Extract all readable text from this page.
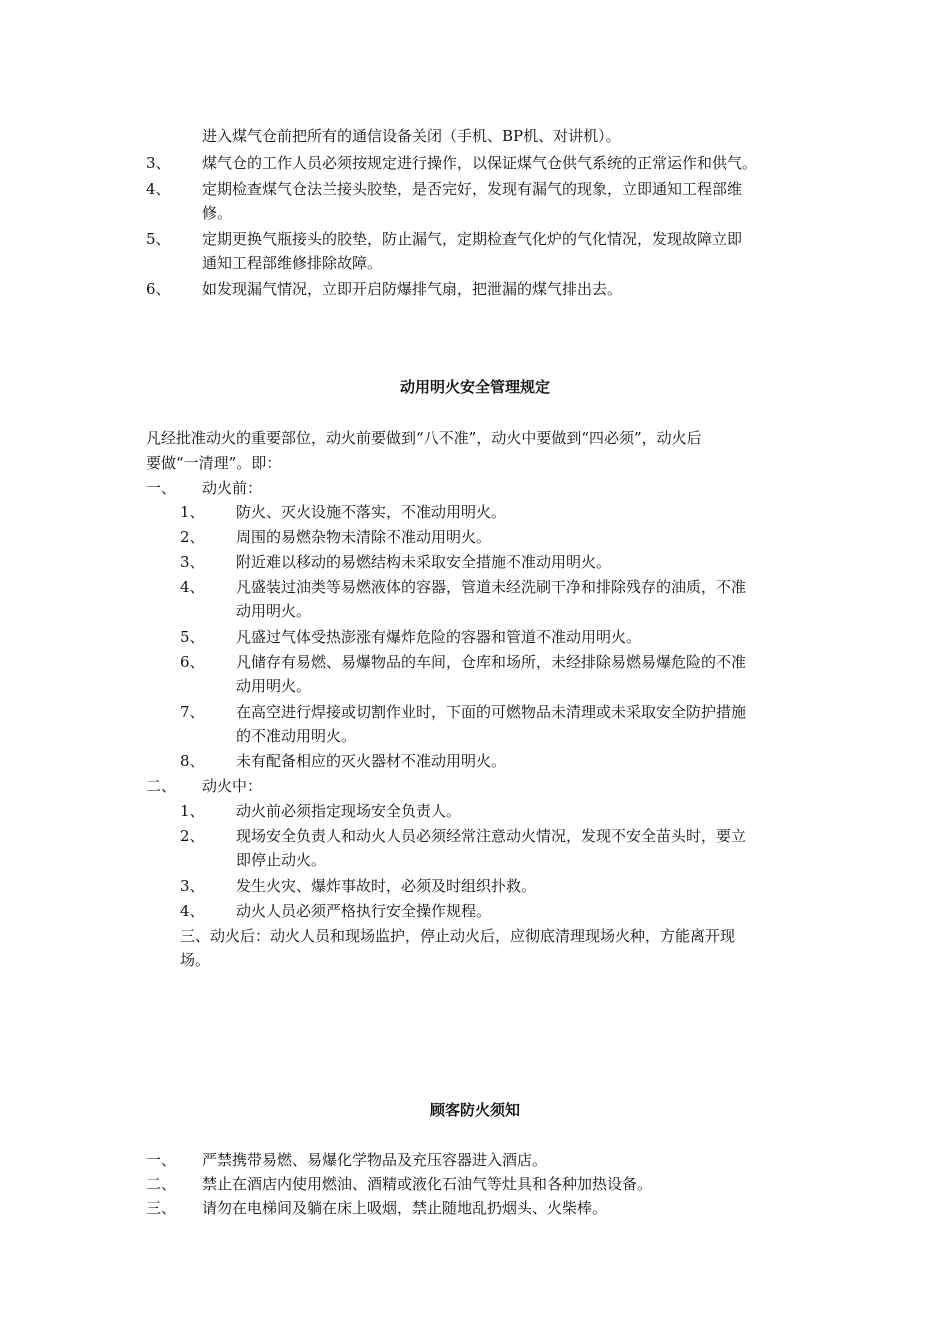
进入煤气仓前把所有的通信设备关闭（手机、BP机、对讲机）。
3、 煤气仓的工作人员必须按规定进行操作，以保证煤气仓供气系统的正常运作和供气。
4、 定期检查煤气仓法兰接头胶垫，是否完好，发现有漏气的现象，立即通知工程部维
修。
5、 定期更换气瓶接头的胶垫，防止漏气，定期检查气化炉的气化情况，发现故障立即
通知工程部维修排除故障。
6、 如发现漏气情况，立即开启防爆排气扇，把泄漏的煤气排出去。
动用明火安全管理规定
凡经批准动火的重要部位，动火前要做到“八不准”，动火中要做到“四必须”，动火后
要做“一清理”。即：
一、 动火前：
1、 防火、灭火设施不落实，不准动用明火。
2、 周围的易燃杂物未清除不准动用明火。
3、 附近难以移动的易燃结构未采取安全措施不准动用明火。
4、 凡盛装过油类等易燃液体的容器，管道未经洗刷干净和排除残存的油质，不准
动用明火。
5、 凡盛过气体受热澎涨有爆炸危险的容器和管道不准动用明火。
6、 凡储存有易燃、易爆物品的车间，仓库和场所，未经排除易燃易爆危险的不准
动用明火。
7、 在高空进行焊接或切割作业时，下面的可燃物品未清理或未采取安全防护措施
的不准动用明火。
8、 未有配备相应的灭火器材不准动用明火。
二、 动火中：
1、 动火前必须指定现场安全负责人。
2、 现场安全负责人和动火人员必须经常注意动火情况，发现不安全苗头时，要立
即停止动火。
3、 发生火灾、爆炸事故时，必须及时组织扑救。
4、 动火人员必须严格执行安全操作规程。
三、动火后：动火人员和现场监护，停止动火后，应彻底清理现场火种，方能离开现
场。
顾客防火须知
一、 严禁携带易燃、易爆化学物品及充压容器进入酒店。
二、 禁止在酒店内使用燃油、酒精或液化石油气等灶具和各种加热设备。
三、 请勿在电梯间及躺在床上吸烟，禁止随地乱扔烟头、火柴棒。
